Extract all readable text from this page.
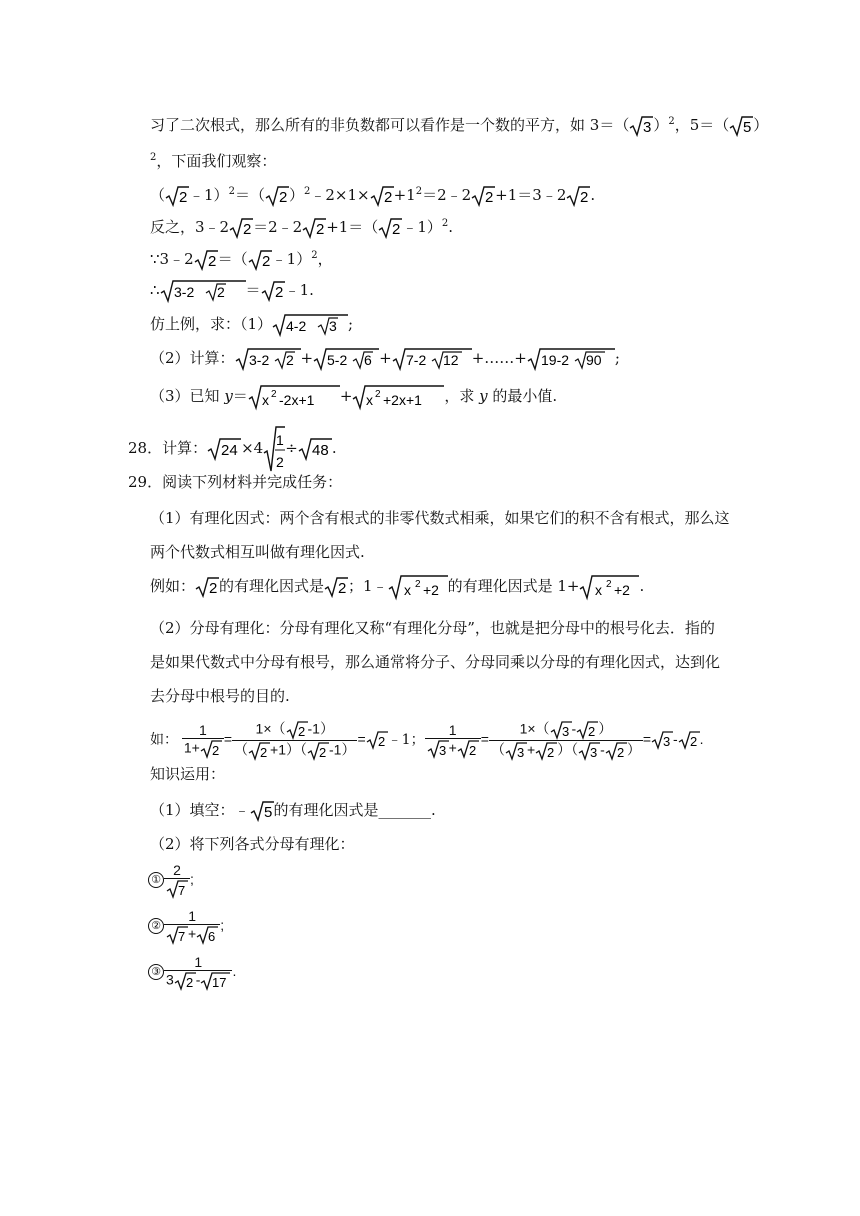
习了二次根式，那么所有的非负数都可以看作是一个数的平方，如 3＝（ 3 ）$^2$，5＝（ 5 ）
$^2$，下面我们观察：
（ 2 ﹣1）$^2$＝（ 2 ）$^2$﹣2×1× $2 +1^2=2﹣2$ 2 +1＝3﹣2 2 .
反之，3﹣2 2 ＝2﹣2 2 +1＝（ 2 ﹣1）$^2$.
∵3﹣2 2 ＝（ 2 ﹣1）$^2$，
∴ 3-2 2 ＝ 2 ﹣1.
仿上例，求：（1） 4-2 3 ;
（2）计算： 3-2 2 + 5-2 6 + 7-2 12 +……+ 19-2 90 ;
（3）已知 y＝ x 2 -2x+1 + x 2 +2x+1 ，求 y 的最小值.
28．计算： 24 ×4 1
2
÷ 48 .
29．阅读下列材料并完成任务：
（1）有理化因式：两个含有根式的非零代数式相乘，如果它们的积不含有根式，那么这
两个代数式相互叫做有理化因式.
例如： 2 的有理化因式是 2 ；1﹣ x 2 +2 的有理化因式是 1+ x 2 +2 .
（2）分母有理化：分母有理化又称“有理化分母”，也就是把分母中的根号化去．指的
是如果代数式中分母有根号，那么通常将分子、分母同乘以分母的有理化因式，达到化
去分母中根号的目的.
如： $\frac{1}{1+ 2} = \frac{1\times( 2 -1)}{( 2 +1)( 2 -1)} = 2$ ﹣1； $\frac{1}{3 + 2} = \frac{1\times( 3 - 2 )}{( 3 + 2 )( 3 - 2 )} = 3 - 2$ .
知识运用：
（1）填空：﹣ 5 的有理化因式是_______.
（2）将下列各式分母有理化：
① $\frac{2}{7}$ ;
② $\frac{1}{7 + 6}$ ;
③ $\frac{1}{3 2 - 17}$ .
